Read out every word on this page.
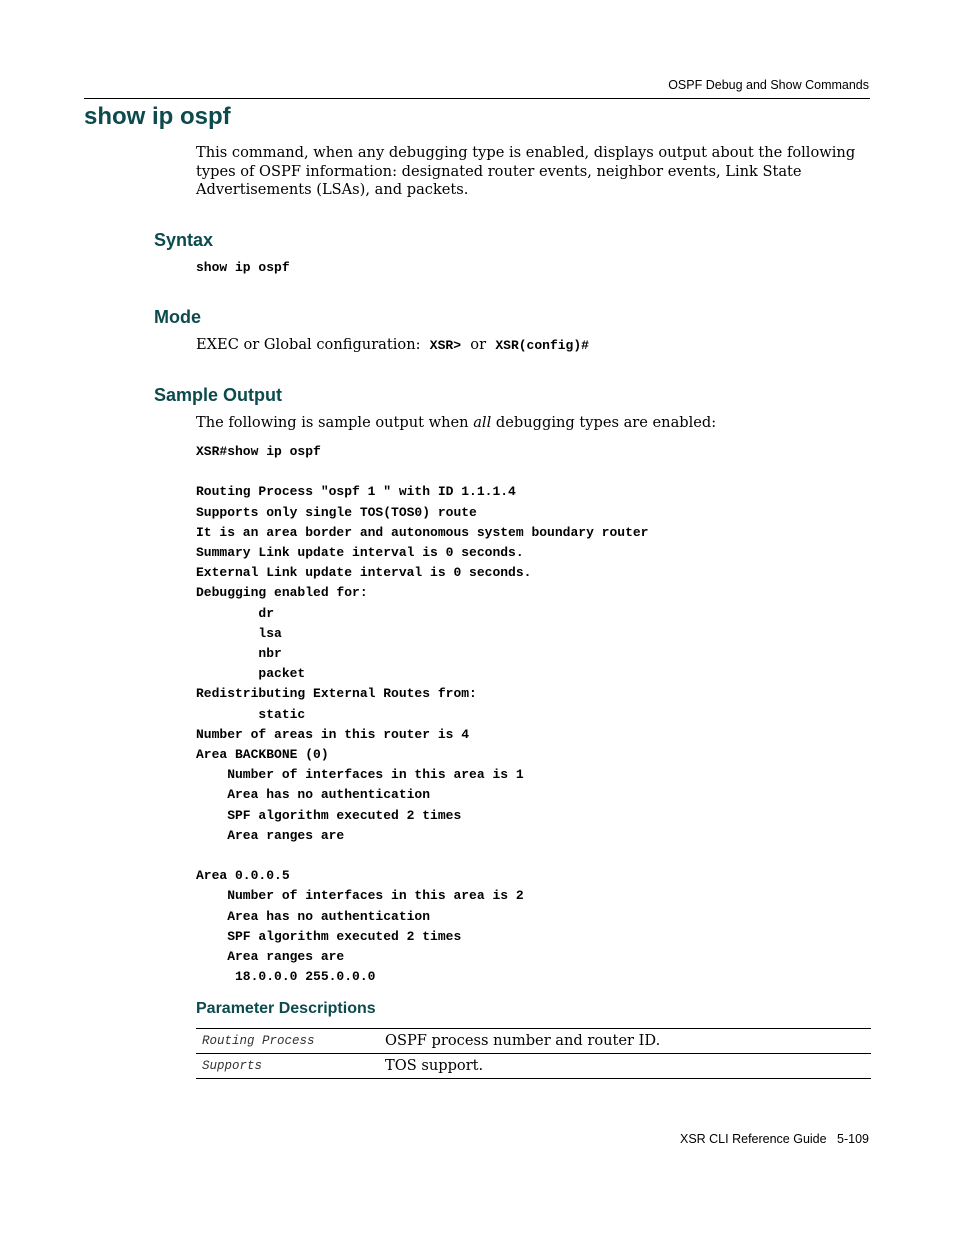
OSPF Debug and Show Commands
show ip ospf

This command, when any debugging type is enabled, displays output about the following types of OSPF information: designated router events, neighbor events, Link State Advertisements (LSAs), and packets.

Syntax
show ip ospf
Mode
EXEC or Global configuration: XSR> or XSR(config)#
Sample Output
The following is sample output when all debugging types are enabled:
XSR#show ip ospf

Routing Process "ospf 1 " with ID 1.1.1.4
Supports only single TOS(TOS0) route
It is an area border and autonomous system boundary router
Summary Link update interval is 0 seconds.
External Link update interval is 0 seconds.
Debugging enabled for:
dr
lsa
nbr
packet
Redistributing External Routes from:
static
Number of areas in this router is 4
Area BACKBONE (0)
Number of interfaces in this area is 1
Area has no authentication
SPF algorithm executed 2 times
Area ranges are

Area 0.0.0.5
Number of interfaces in this area is 2
Area has no authentication
SPF algorithm executed 2 times
Area ranges are
18.0.0.0 255.0.0.0
Parameter Descriptions
Routing Process	OSPF process number and router ID.
Supports	TOS support.
XSR CLI Reference Guide 5-109
